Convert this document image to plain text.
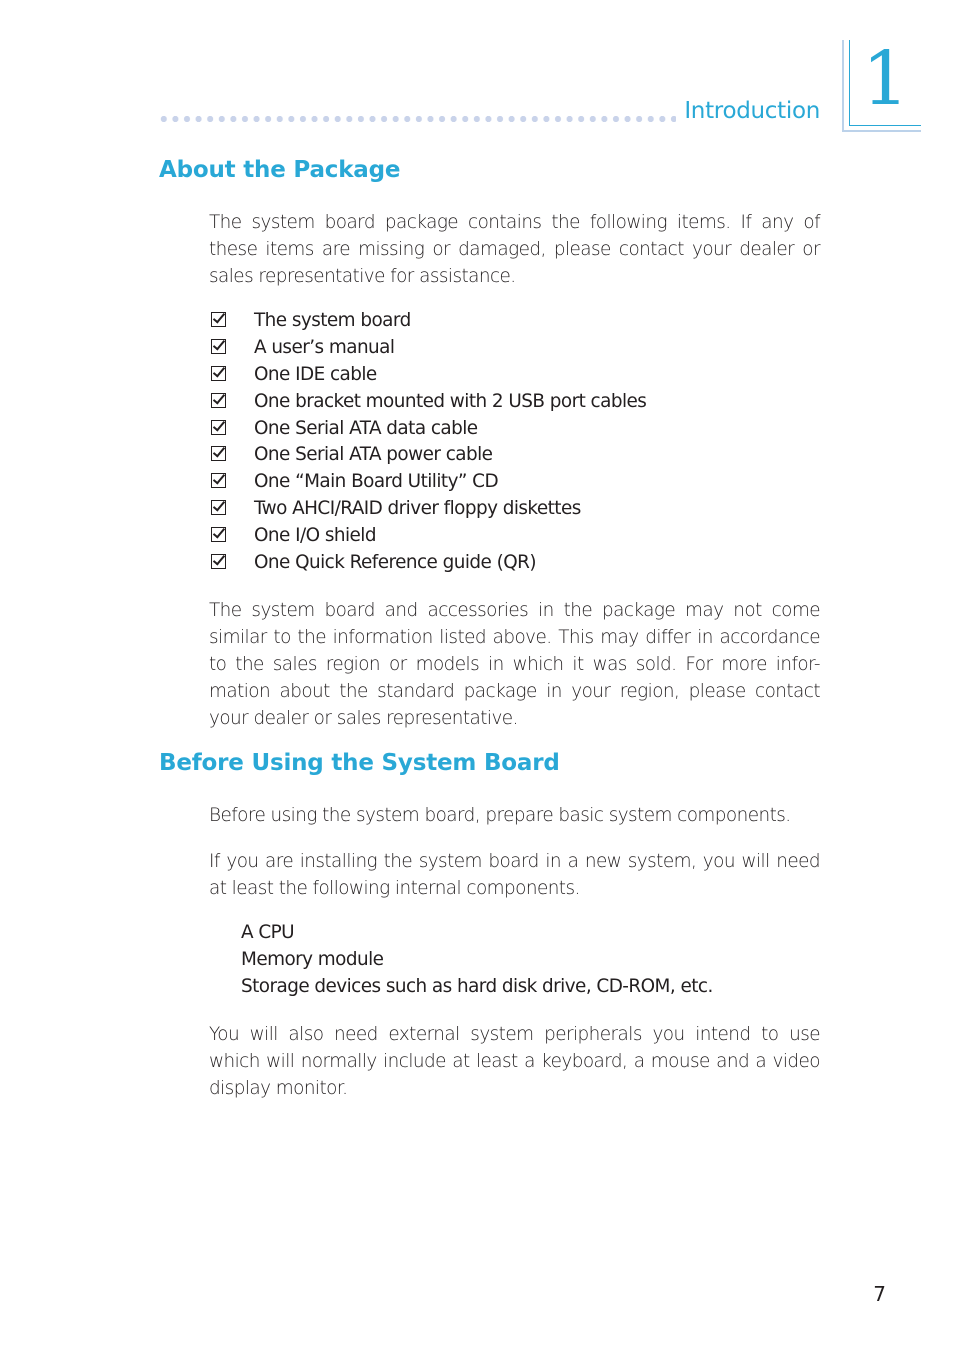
Introduction 1
About the Package

The system board package contains the following items. If any of these items are missing or damaged, please contact your dealer or sales representative for assistance.

The system board
A user’s manual
One IDE cable
One bracket mounted with 2 USB port cables
One Serial ATA data cable
One Serial ATA power cable
One “Main Board Utility” CD
Two AHCI/RAID driver floppy diskettes
One I/O shield
One Quick Reference guide (QR)

The system board and accessories in the package may not come similar to the information listed above. This may differ in accordance to the sales region or models in which it was sold. For more infor-mation about the standard package in your region, please contact your dealer or sales representative.

Before Using the System Board

Before using the system board, prepare basic system components.

If you are installing the system board in a new system, you will need at least the following internal components.

A CPU
Memory module
Storage devices such as hard disk drive, CD-ROM, etc.

You will also need external system peripherals you intend to use which will normally include at least a keyboard, a mouse and a video display monitor.

7
